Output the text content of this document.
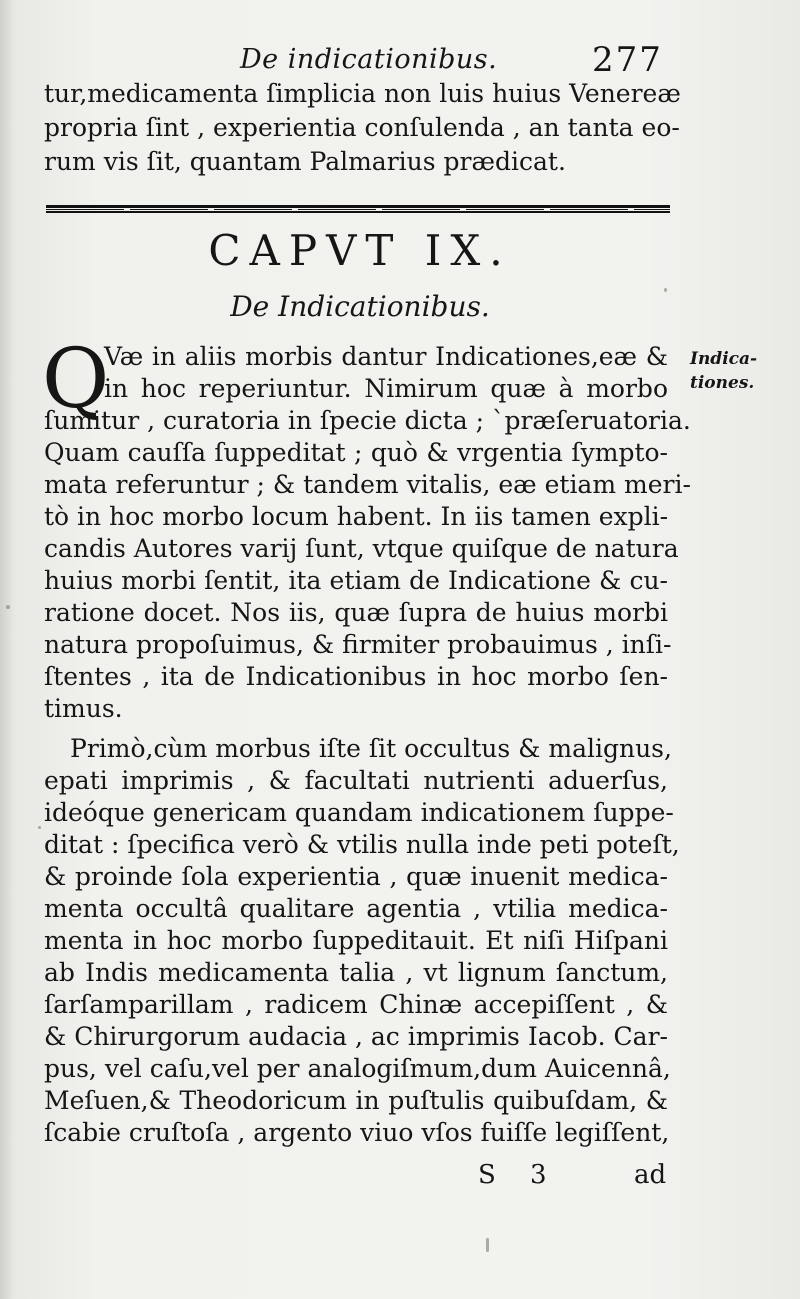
De indicationibus.	277
tur,medicamenta ſimplicia non luis huius Venereæ
propria ſint , experientia conſulenda , an tanta eo-
rum vis ſit, quantam Palmarius prædicat.
CAPVT IX.
De Indicationibus.
Q	Indica-
tiones.
Væ in aliis morbis dantur Indicationes,eæ &
in hoc reperiuntur. Nimirum quæ à morbo
ſumitur , curatoria in ſpecie dicta ; `præſeruatoria.
Quam cauſſa ſuppeditat ; quò & vrgentia ſympto-
mata referuntur ; & tandem vitalis, eæ etiam meri-
tò in hoc morbo locum habent. In iis tamen expli-
candis Autores varij ſunt, vtque quiſque de natura
huius morbi ſentit, ita etiam de Indicatione & cu-
ratione docet. Nos iis, quæ ſupra de huius morbi
natura propoſuimus, & firmiter probauimus , inſi-
ſtentes , ita de Indicationibus in hoc morbo ſen-
timus.
Primò,cùm morbus iſte ſit occultus & malignus,
epati imprimis , & facultati nutrienti aduerſus,
ideóque genericam quandam indicationem ſuppe-
ditat : ſpecifica verò & vtilis nulla inde peti poteſt,
& proinde ſola experientia , quæ inuenit medica-
menta occultâ qualitare agentia , vtilia medica-
menta in hoc morbo ſuppeditauit. Et niſi Hiſpani
ab Indis medicamenta talia , vt lignum ſanctum,
ſarſamparillam , radicem Chinæ accepiſſent , &
& Chirurgorum audacia , ac imprimis Iacob. Car-
pus, vel caſu,vel per analogiſmum,dum Auicennâ,
Meſuen,& Theodoricum in puſtulis quibuſdam, &
ſcabie cruſtoſa , argento viuo vſos fuiſſe legiſſent,
S 3	ad
